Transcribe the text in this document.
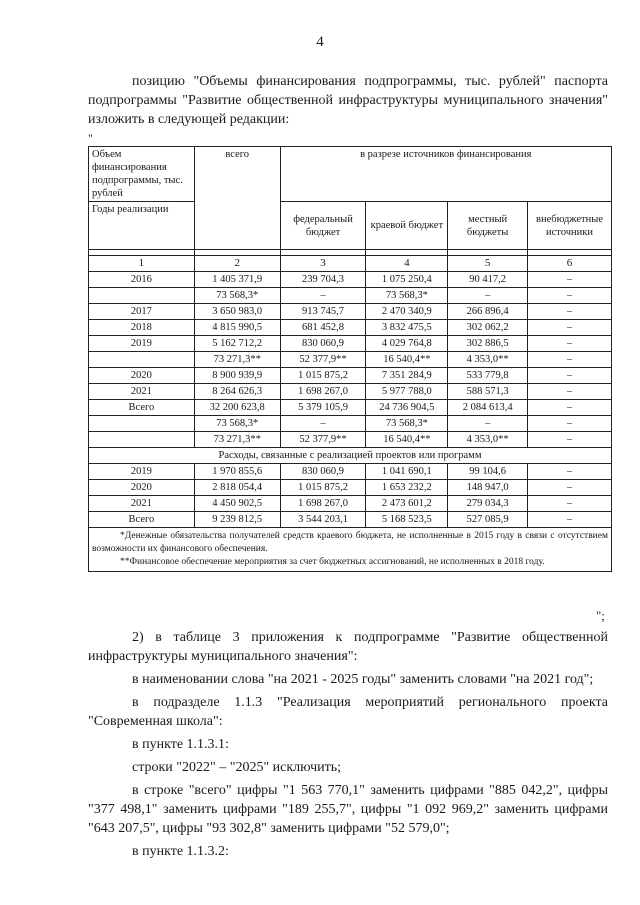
4
позицию "Объемы финансирования подпрограммы, тыс. рублей" паспорта подпрограммы "Развитие общественной инфраструктуры муниципального значения" изложить в следующей редакции:
"
Объем финансирования подпрограммы, тыс. рублей	всего	в разрезе источников финансирования			
Годы реализации		федеральный бюджет	краевой бюджет	местный бюджеты	внебюджетные источники

1	2	3	4	5	6
2016	1 405 371,9	239 704,3	1 075 250,4	90 417,2	–
	73 568,3*	–	73 568,3*	–	–
2017	3 650 983,0	913 745,7	2 470 340,9	266 896,4	–
2018	4 815 990,5	681 452,8	3 832 475,5	302 062,2	–
2019	5 162 712,2	830 060,9	4 029 764,8	302 886,5	–
	73 271,3**	52 377,9**	16 540,4**	4 353,0**	–
2020	8 900 939,9	1 015 875,2	7 351 284,9	533 779,8	–
2021	8 264 626,3	1 698 267,0	5 977 788,0	588 571,3	–
Всего	32 200 623,8	5 379 105,9	24 736 904,5	2 084 613,4	–
	73 568,3*	–	73 568,3*	–	–
	73 271,3**	52 377,9**	16 540,4**	4 353,0**	–
Расходы, связанные с реализацией проектов или программ					
2019	1 970 855,6	830 060,9	1 041 690,1	99 104,6	–
2020	2 818 054,4	1 015 875,2	1 653 232,2	148 947,0	–
2021	4 450 902,5	1 698 267,0	2 473 601,2	279 034,3	–
Всего	9 239 812,5	3 544 203,1	5 168 523,5	527 085,9	–

*Денежные обязательства получателей средств краевого бюджета, не исполненные в 2015 году в связи с отсутствием возможности их финансового обеспечения.
**Финансовое обеспечение мероприятия за счет бюджетных ассигнований, не исполненных в 2018 году.					
";

2) в таблице 3 приложения к подпрограмме "Развитие общественной инфраструктуры муниципального значения":

в наименовании слова "на 2021 - 2025 годы" заменить словами "на 2021 год";

в подразделе 1.1.3 "Реализация мероприятий регионального проекта "Современная школа":

в пункте 1.1.3.1:

строки "2022" – "2025" исключить;

в строке "всего" цифры "1 563 770,1" заменить цифрами "885 042,2", цифры "377 498,1" заменить цифрами "189 255,7", цифры "1 092 969,2" заменить цифрами "643 207,5", цифры "93 302,8" заменить цифрами "52 579,0";

в пункте 1.1.3.2:
